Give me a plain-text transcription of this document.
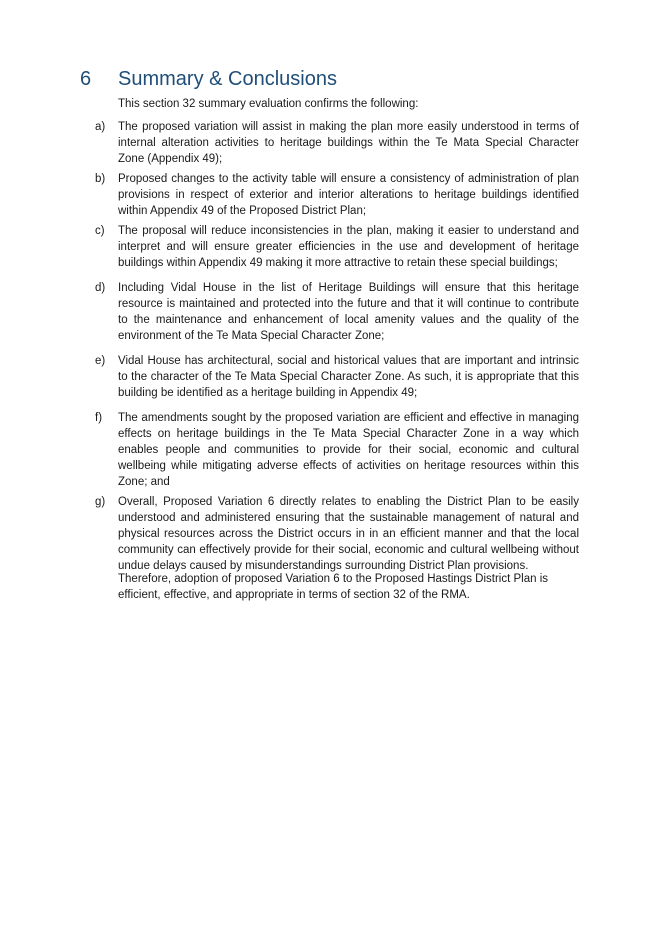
6	Summary & Conclusions
This section 32 summary evaluation confirms the following:
a)	The proposed variation will assist in making the plan more easily understood in terms of internal alteration activities to heritage buildings within the Te Mata Special Character Zone (Appendix 49);
b)	Proposed changes to the activity table will ensure a consistency of administration of plan provisions in respect of exterior and interior alterations to heritage buildings identified within Appendix 49 of the Proposed District Plan;
c)	The proposal will reduce inconsistencies in the plan, making it easier to understand and interpret and will ensure greater efficiencies in the use and development of heritage buildings within Appendix 49 making it more attractive to retain these special buildings;
d)	Including Vidal House in the list of Heritage Buildings will ensure that this heritage resource is maintained and protected into the future and that it will continue to contribute to the maintenance and enhancement of local amenity values and the quality of the environment of the Te Mata Special Character Zone;
e)	Vidal House has architectural, social and historical values that are important and intrinsic to the character of the Te Mata Special Character Zone. As such, it is appropriate that this building be identified as a heritage building in Appendix 49;
f)	The amendments sought by the proposed variation are efficient and effective in managing effects on heritage buildings in the Te Mata Special Character Zone in a way which enables people and communities to provide for their social, economic and cultural wellbeing while mitigating adverse effects of activities on heritage resources within this Zone; and
g)	Overall, Proposed Variation 6 directly relates to enabling the District Plan to be easily understood and administered ensuring that the sustainable management of natural and physical resources across the District occurs in in an efficient manner and that the local community can effectively provide for their social, economic and cultural wellbeing without undue delays caused by misunderstandings surrounding District Plan provisions.
Therefore, adoption of proposed Variation 6 to the Proposed Hastings District Plan is efficient, effective, and appropriate in terms of section 32 of the RMA.
